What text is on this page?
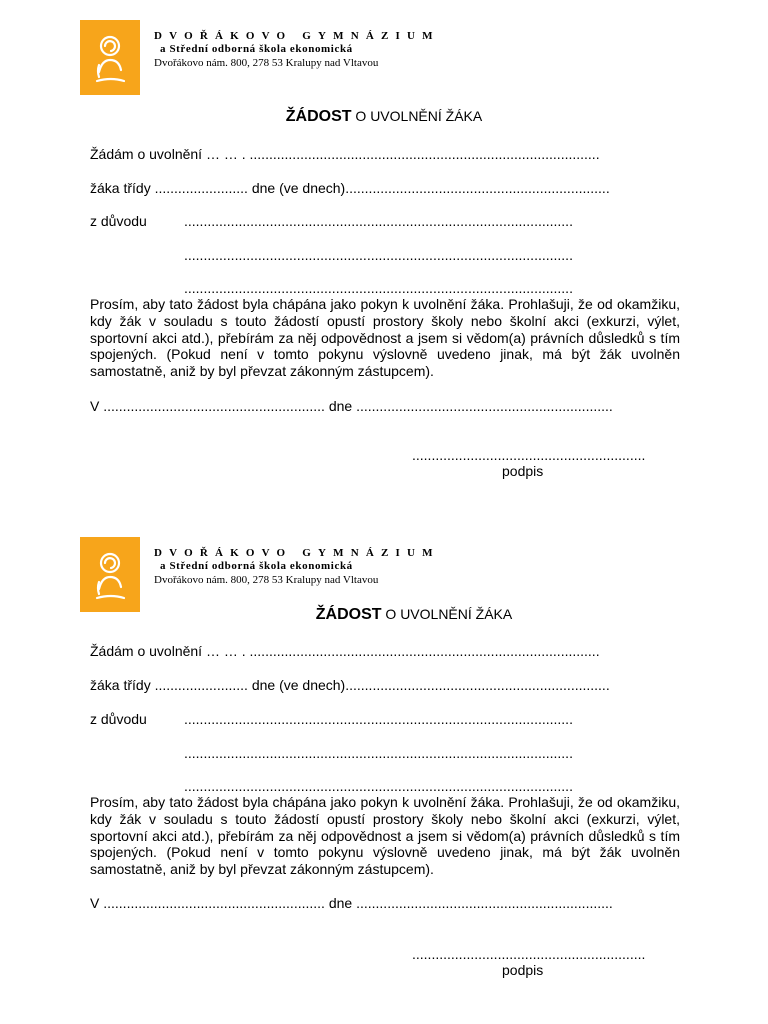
DVOŘÁKOVO GYMNÁZIUM
a Střední odborná škola ekonomická
Dvořákovo nám. 800, 278 53 Kralupy nad Vltavou
ŽÁDOST O UVOLNĚNÍ ŽÁKA
Žádám o uvolnění … … . ..........................................................................................
žáka třídy ........................ dne (ve dnech)....................................................................
z důvodu	....................................................................................................
....................................................................................................
....................................................................................................
Prosím, aby tato žádost byla chápána jako pokyn k uvolnění žáka. Prohlašuji, že od okamžiku, kdy žák v souladu s touto žádostí opustí prostory školy nebo školní akci (exkurzi, výlet, sportovní akci atd.), přebírám za něj odpovědnost a jsem si vědom(a) právních důsledků s tím spojených. (Pokud není v tomto pokynu výslovně uvedeno jinak, má být žák uvolněn samostatně, aniž by byl převzat zákonným zástupcem).
V ......................................................... dne ..................................................................
............................................................
podpis
DVOŘÁKOVO GYMNÁZIUM
a Střední odborná škola ekonomická
Dvořákovo nám. 800, 278 53 Kralupy nad Vltavou
ŽÁDOST O UVOLNĚNÍ ŽÁKA
Žádám o uvolnění … … . ..........................................................................................
žáka třídy ........................ dne (ve dnech)....................................................................
z důvodu	....................................................................................................
....................................................................................................
....................................................................................................
Prosím, aby tato žádost byla chápána jako pokyn k uvolnění žáka. Prohlašuji, že od okamžiku, kdy žák v souladu s touto žádostí opustí prostory školy nebo školní akci (exkurzi, výlet, sportovní akci atd.), přebírám za něj odpovědnost a jsem si vědom(a) právních důsledků s tím spojených. (Pokud není v tomto pokynu výslovně uvedeno jinak, má být žák uvolněn samostatně, aniž by byl převzat zákonným zástupcem).
V ......................................................... dne ..................................................................
............................................................
podpis
